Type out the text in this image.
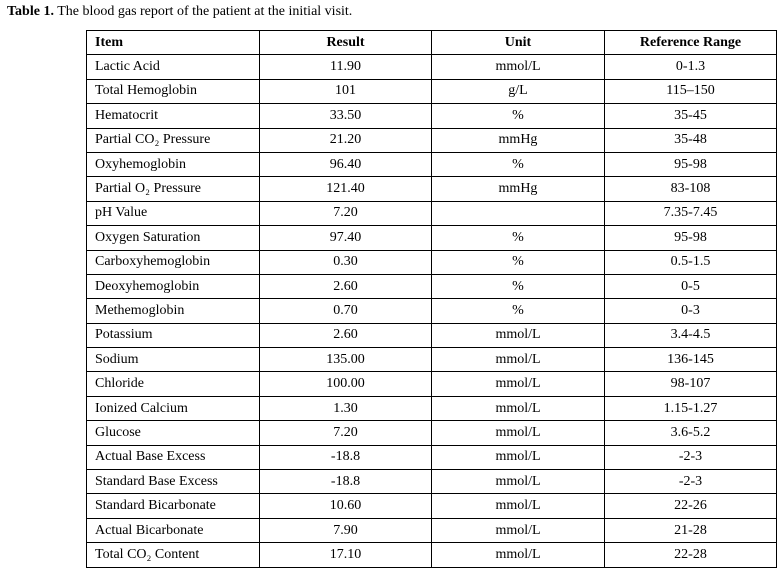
Table 1. The blood gas report of the patient at the initial visit.
Item	Result	Unit	Reference Range
Lactic Acid	11.90	mmol/L	0-1.3
Total Hemoglobin	101	g/L	115–150
Hematocrit	33.50	%	35-45
Partial CO₂ Pressure	21.20	mmHg	35-48
Oxyhemoglobin	96.40	%	95-98
Partial O₂ Pressure	121.40	mmHg	83-108
pH Value	7.20		7.35-7.45
Oxygen Saturation	97.40	%	95-98
Carboxyhemoglobin	0.30	%	0.5-1.5
Deoxyhemoglobin	2.60	%	0-5
Methemoglobin	0.70	%	0-3
Potassium	2.60	mmol/L	3.4-4.5
Sodium	135.00	mmol/L	136-145
Chloride	100.00	mmol/L	98-107
Ionized Calcium	1.30	mmol/L	1.15-1.27
Glucose	7.20	mmol/L	3.6-5.2
Actual Base Excess	-18.8	mmol/L	-2-3
Standard Base Excess	-18.8	mmol/L	-2-3
Standard Bicarbonate	10.60	mmol/L	22-26
Actual Bicarbonate	7.90	mmol/L	21-28
Total CO₂ Content	17.10	mmol/L	22-28
